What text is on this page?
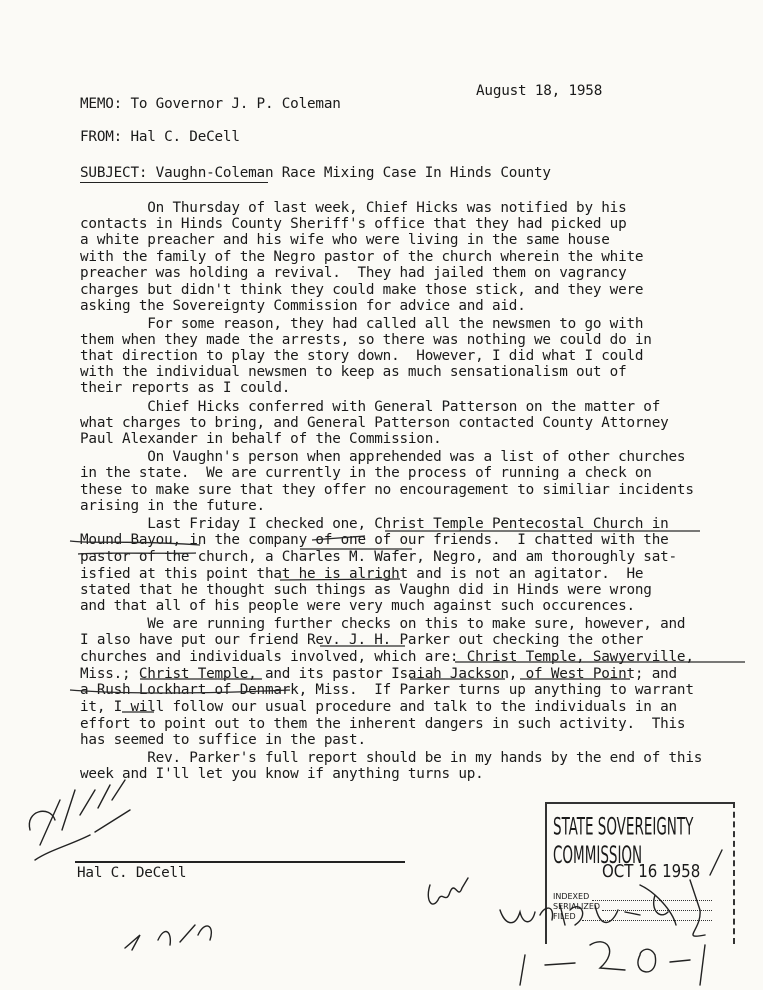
August 18, 1958
MEMO: To Governor J. P. Coleman
FROM: Hal C. DeCell
SUBJECT: Vaughn-Coleman Race Mixing Case In Hinds County
On Thursday of last week, Chief Hicks was notified by his
contacts in Hinds County Sheriff's office that they had picked up
a white preacher and his wife who were living in the same house
with the family of the Negro pastor of the church wherein the white
preacher was holding a revival.  They had jailed them on vagrancy
charges but didn't think they could make those stick, and they were
asking the Sovereignty Commission for advice and aid.
For some reason, they had called all the newsmen to go with
them when they made the arrests, so there was nothing we could do in
that direction to play the story down.  However, I did what I could
with the individual newsmen to keep as much sensationalism out of
their reports as I could.
Chief Hicks conferred with General Patterson on the matter of
what charges to bring, and General Patterson contacted County Attorney
Paul Alexander in behalf of the Commission.
On Vaughn's person when apprehended was a list of other churches
in the state.  We are currently in the process of running a check on
these to make sure that they offer no encouragement to similiar incidents
arising in the future.
Last Friday I checked one, Christ Temple Pentecostal Church in
Mound Bayou, in the company of one of our friends.  I chatted with the
pastor of the church, a Charles M. Wafer, Negro, and am thoroughly sat-
isfied at this point that he is alright and is not an agitator.  He
stated that he thought such things as Vaughn did in Hinds were wrong
and that all of his people were very much against such occurences.
We are running further checks on this to make sure, however, and
I also have put our friend Rev. J. H. Parker out checking the other
churches and individuals involved, which are: Christ Temple, Sawyerville,
Miss.; Christ Temple, and its pastor Isaiah Jackson, of West Point; and
a Rush Lockhart of Denmark, Miss.  If Parker turns up anything to warrant
it, I will follow our usual procedure and talk to the individuals in an
effort to point out to them the inherent dangers in such activity.  This
has seemed to suffice in the past.
Rev. Parker's full report should be in my hands by the end of this
week and I'll let you know if anything turns up.
Hal C. DeCell
STATE SOVEREIGNTY COMMISSION
OCT 16 1958
INDEXED
SERIALIZED
FILED
